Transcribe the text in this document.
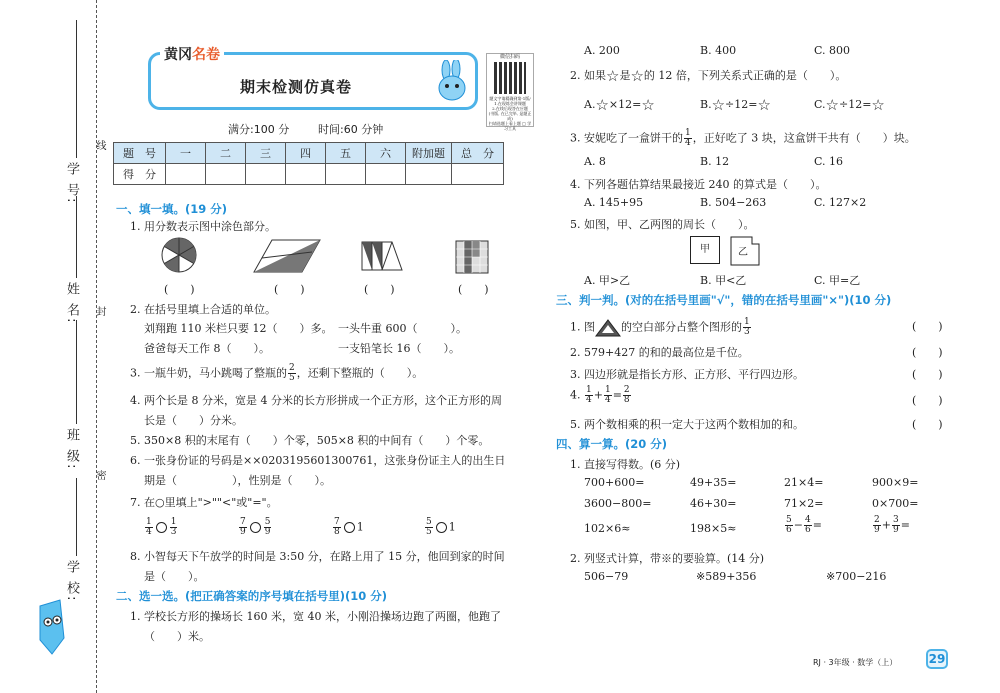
学 号:
姓 名:
班 级:
学 校:
线
封
密
黄冈名卷
期末检测仿真卷
微信扫码
题文字请精确到第-1版/
1.在现练会讲课题
2.在线后现答在应题
(书版, 在已完毕, 是题正成)
扫请选题上看上题 □ 学习工具
满分:100 分	时间:60 分钟
题　号	一	二	三	四	五	六	附加题	总　分
得　分								
一、填一填。(19 分)
1. 用分数表示图中涂色部分。
(　　)	(　　)	(　　)	(　　)
2. 在括号里填上合适的单位。
刘翔跑 110 米栏只要 12（　　）多。 一头牛重 600（　　　）。
爸爸每天工作 8（　　）。	一支铅笔长 16（　　）。
3. 一瓶牛奶，马小跳喝了整瓶的 $\frac{2}{5}$ ，还剩下整瓶的（　　）。
4. 两个长是 8 分米，宽是 4 分米的长方形拼成一个正方形，这个正方形的周
长是（　　）分米。
5. 350×8 积的末尾有（　　）个零，505×8 积的中间有（　　）个零。
6. 一张身份证的号码是××0203195601300761，这张身份证主人的出生日
期是（　　　　　），性别是（　　）。
7. 在○里填上">""<"或"="。
$\frac{1}{4} \frac{1}{3}$	$\frac{7}{9} \frac{5}{9}$	$\frac{7}{8} 1$	$\frac{5}{5} 1$
8. 小智每天下午放学的时间是 3:50 分，在路上用了 15 分，他回到家的时间
是（　　）。
二、选一选。(把正确答案的序号填在括号里)(10 分)
1. 学校长方形的操场长 160 米，宽 40 米，小刚沿操场边跑了两圈，他跑了
（　　）米。
A. 200	B. 400	C. 800
2. 如果☆是☆的 12 倍，下列关系式正确的是（　　）。
A.☆×12=☆	B.☆÷12=☆	C.☆÷12=☆
3. 安妮吃了一盒饼干的 $\frac{1}{4}$ ，正好吃了 3 块，这盒饼干共有（　　）块。
A. 8	B. 12	C. 16
4. 下列各题估算结果最接近 240 的算式是（　　）。
A. 145+95	B. 504−263	C. 127×2
5. 如图，甲、乙两图的周长（　　）。
甲	乙
A. 甲>乙	B. 甲<乙	C. 甲=乙
三、判一判。(对的在括号里画"√"，错的在括号里画"×")(10 分)
1. 图 的空白部分占整个图形的 $\frac{1}{3}$	(　　)
2. 579+427 的和的最高位是千位。	(　　)
3. 四边形就是指长方形、正方形、平行四边形。	(　　)
4. $\frac{1}{4} + \frac{1}{4} = \frac{2}{8}$	(　　)
5. 两个数相乘的积一定大于这两个数相加的和。	(　　)
四、算一算。(20 分)
1. 直接写得数。(6 分)
700+600=	49+35=	21×4=	900×9=
3600−800=	46+30=	71×2=	0×700=
102×6≈	198×5≈	$\frac{5}{6} - \frac{4}{6}$ =	$\frac{2}{9} + \frac{3}{9}$ =
2. 列竖式计算，带※的要验算。(14 分)
506−79	※589+356	※700−216
RJ · 3年级 · 数学（上）	29
